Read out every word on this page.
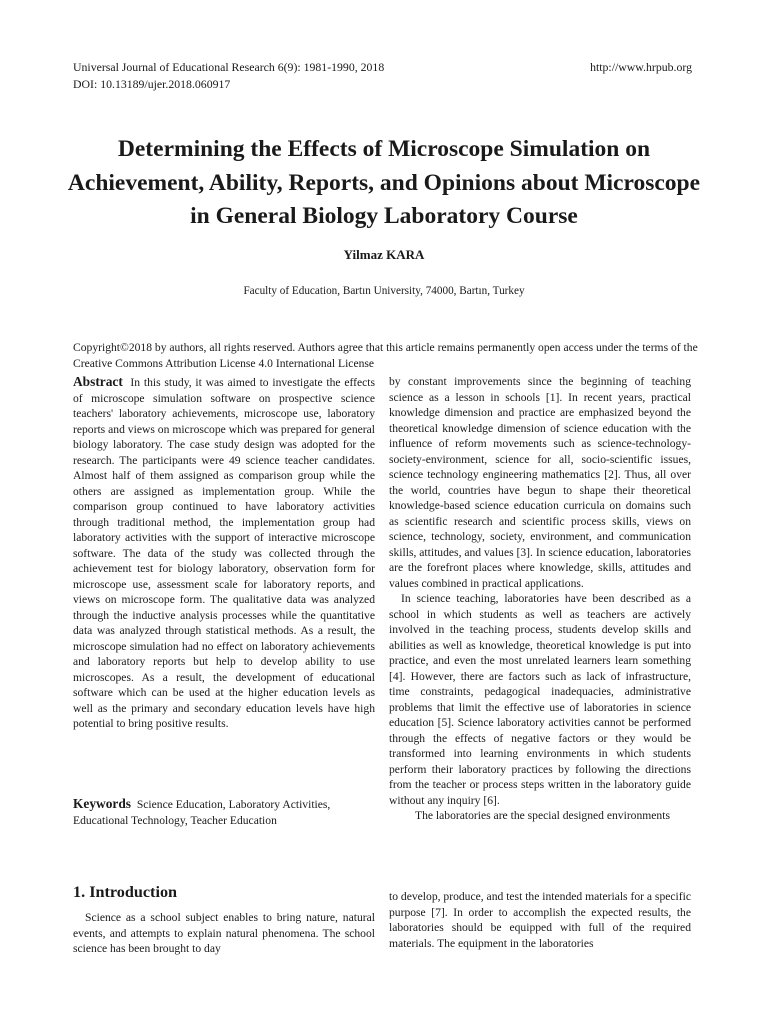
Universal Journal of Educational Research 6(9): 1981-1990, 2018
DOI: 10.13189/ujer.2018.060917
http://www.hrpub.org
Determining the Effects of Microscope Simulation on Achievement, Ability, Reports, and Opinions about Microscope in General Biology Laboratory Course
Yilmaz KARA
Faculty of Education, Bartın University, 74000, Bartın, Turkey

Copyright©2018 by authors, all rights reserved. Authors agree that this article remains permanently open access under the terms of the Creative Commons Attribution License 4.0 International License

Abstract In this study, it was aimed to investigate the effects of microscope simulation software on prospective science teachers' laboratory achievements, microscope use, laboratory reports and views on microscope which was prepared for general biology laboratory. The case study design was adopted for the research. The participants were 49 science teacher candidates. Almost half of them assigned as comparison group while the others are assigned as implementation group. While the comparison group continued to have laboratory activities through traditional method, the implementation group had laboratory activities with the support of interactive microscope software. The data of the study was collected through the achievement test for biology laboratory, observation form for microscope use, assessment scale for laboratory reports, and views on microscope form. The qualitative data was analyzed through the inductive analysis processes while the quantitative data was analyzed through statistical methods. As a result, the microscope simulation had no effect on laboratory achievements and laboratory reports but help to develop ability to use microscopes. As a result, the development of educational software which can be used at the higher education levels as well as the primary and secondary education levels have high potential to bring positive results.

Keywords Science Education, Laboratory Activities, Educational Technology, Teacher Education

1. Introduction

Science as a school subject enables to bring nature, natural events, and attempts to explain natural phenomena. The school science has been brought to day

by constant improvements since the beginning of teaching science as a lesson in schools [1]. In recent years, practical knowledge dimension and practice are emphasized beyond the theoretical knowledge dimension of science education with the influence of reform movements such as science-technology-society-environment, science for all, socio-scientific issues, science technology engineering mathematics [2]. Thus, all over the world, countries have begun to shape their theoretical knowledge-based science education curricula on domains such as scientific research and scientific process skills, views on science, technology, society, environment, and communication skills, attitudes, and values [3]. In science education, laboratories are the forefront places where knowledge, skills, attitudes and values combined in practical applications.

In science teaching, laboratories have been described as a school in which students as well as teachers are actively involved in the teaching process, students develop skills and abilities as well as knowledge, theoretical knowledge is put into practice, and even the most unrelated learners learn something [4]. However, there are factors such as lack of infrastructure, time constraints, pedagogical inadequacies, administrative problems that limit the effective use of laboratories in science education [5]. Science laboratory activities cannot be performed through the effects of negative factors or they would be transformed into learning environments in which students perform their laboratory practices by following the directions from the teacher or process steps written in the laboratory guide without any inquiry [6].

The laboratories are the special designed environments

to develop, produce, and test the intended materials for a specific purpose [7]. In order to accomplish the expected results, the laboratories should be equipped with full of the required materials. The equipment in the laboratories
